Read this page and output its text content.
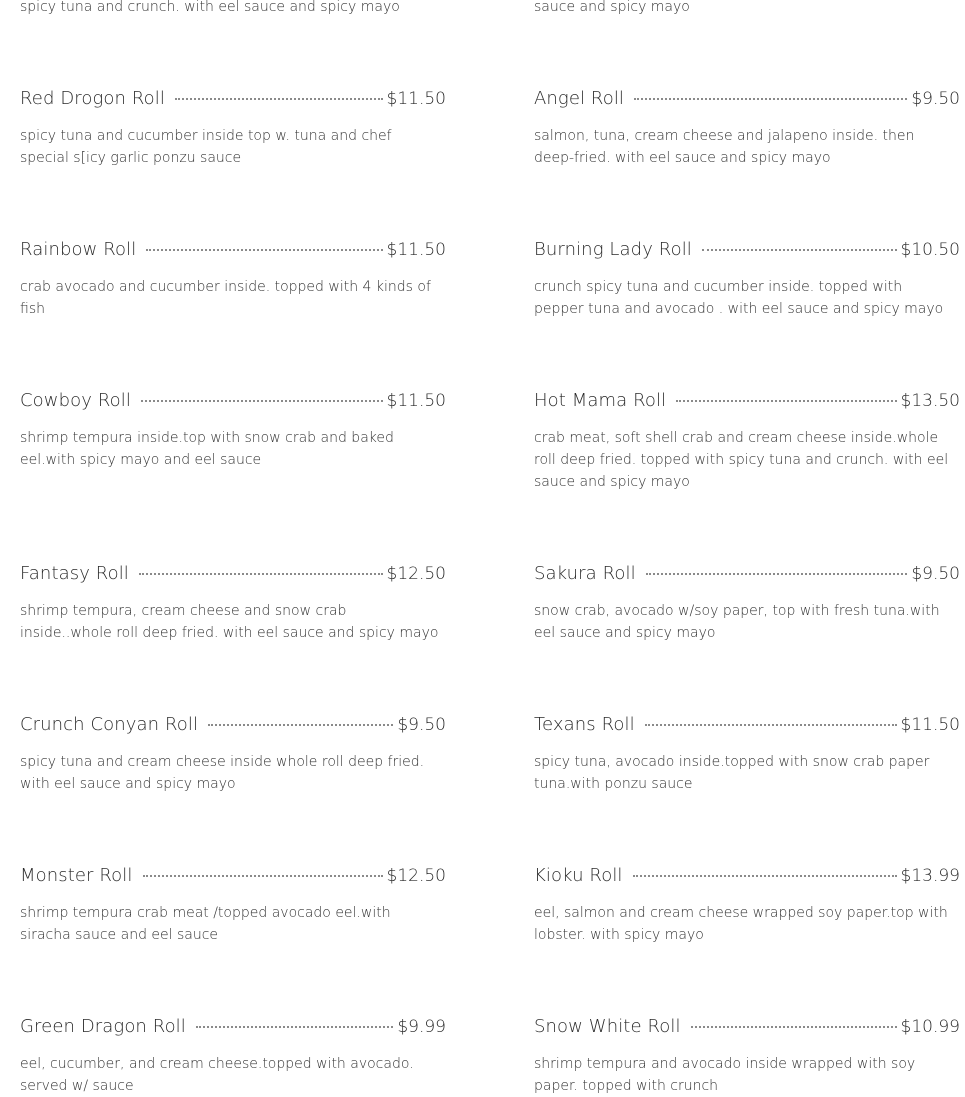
spicy tuna and crunch. with eel sauce and spicy mayo
Red Drogon Roll	$11.50
spicy tuna and cucumber inside top w. tuna and chef special s[icy garlic ponzu sauce
Rainbow Roll	$11.50
crab avocado and cucumber inside. topped with 4 kinds of fish
Cowboy Roll	$11.50
shrimp tempura inside.top with snow crab and baked eel.with spicy mayo and eel sauce
Fantasy Roll	$12.50
shrimp tempura, cream cheese and snow crab inside..whole roll deep fried. with eel sauce and spicy mayo
Crunch Conyan Roll	$9.50
spicy tuna and cream cheese inside whole roll deep fried. with eel sauce and spicy mayo
Monster Roll	$12.50
shrimp tempura crab meat /topped avocado eel.with siracha sauce and eel sauce
Green Dragon Roll	$9.99
eel, cucumber, and cream cheese.topped with avocado. served w/ sauce
sauce and spicy mayo
Angel Roll	$9.50
salmon, tuna, cream cheese and jalapeno inside. then deep-fried. with eel sauce and spicy mayo
Burning Lady Roll	$10.50
crunch spicy tuna and cucumber inside. topped with pepper tuna and avocado . with eel sauce and spicy mayo
Hot Mama Roll	$13.50
crab meat, soft shell crab and cream cheese inside.whole roll deep fried. topped with spicy tuna and crunch. with eel sauce and spicy mayo
Sakura Roll	$9.50
snow crab, avocado w/soy paper, top with fresh tuna.with eel sauce and spicy mayo
Texans Roll	$11.50
spicy tuna, avocado inside.topped with snow crab paper tuna.with ponzu sauce
Kioku Roll	$13.99
eel, salmon and cream cheese wrapped soy paper.top with lobster. with spicy mayo
Snow White Roll	$10.99
shrimp tempura and avocado inside wrapped with soy paper. topped with crunch
